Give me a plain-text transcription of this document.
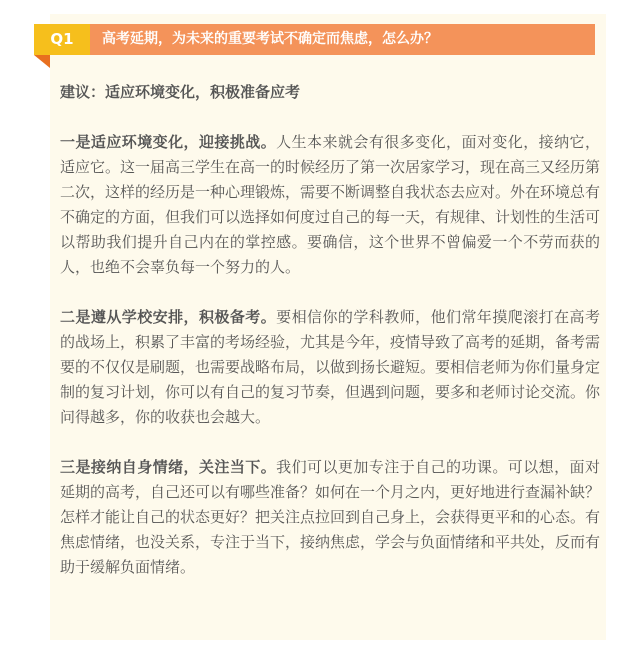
Q1	高考延期，为未来的重要考试不确定而焦虑，怎么办？

建议：适应环境变化，积极准备应考

一是适应环境变化，迎接挑战。人生本来就会有很多变化，面对变化，接纳它，适应它。这一届高三学生在高一的时候经历了第一次居家学习，现在高三又经历第二次，这样的经历是一种心理锻炼，需要不断调整自我状态去应对。外在环境总有不确定的方面，但我们可以选择如何度过自己的每一天，有规律、计划性的生活可以帮助我们提升自己内在的掌控感。要确信，这个世界不曾偏爱一个不劳而获的人，也绝不会辜负每一个努力的人。

二是遵从学校安排，积极备考。要相信你的学科教师，他们常年摸爬滚打在高考的战场上，积累了丰富的考场经验，尤其是今年，疫情导致了高考的延期，备考需要的不仅仅是刷题，也需要战略布局，以做到扬长避短。要相信老师为你们量身定制的复习计划，你可以有自己的复习节奏，但遇到问题，要多和老师讨论交流。你问得越多，你的收获也会越大。

三是接纳自身情绪，关注当下。我们可以更加专注于自己的功课。可以想，面对延期的高考，自己还可以有哪些准备？如何在一个月之内，更好地进行查漏补缺？怎样才能让自己的状态更好？把关注点拉回到自己身上，会获得更平和的心态。有焦虑情绪，也没关系，专注于当下，接纳焦虑，学会与负面情绪和平共处，反而有助于缓解负面情绪。
